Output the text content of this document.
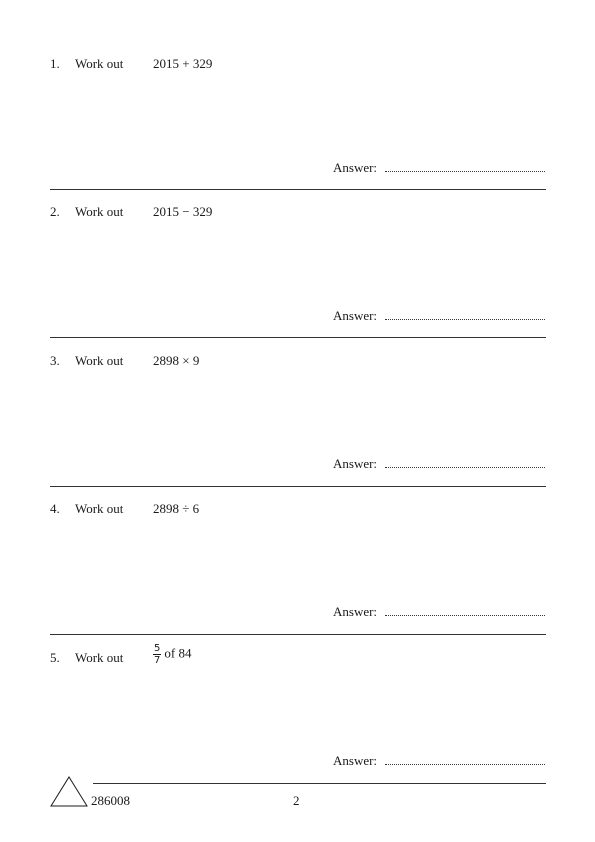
1. Work out 2015 + 329
Answer:
2. Work out 2015 − 329
Answer:
3. Work out 2898 × 9
Answer:
4. Work out 2898 ÷ 6
Answer:
5. Work out	$\frac{5}{7}$ of 84
Answer:
286008	2
